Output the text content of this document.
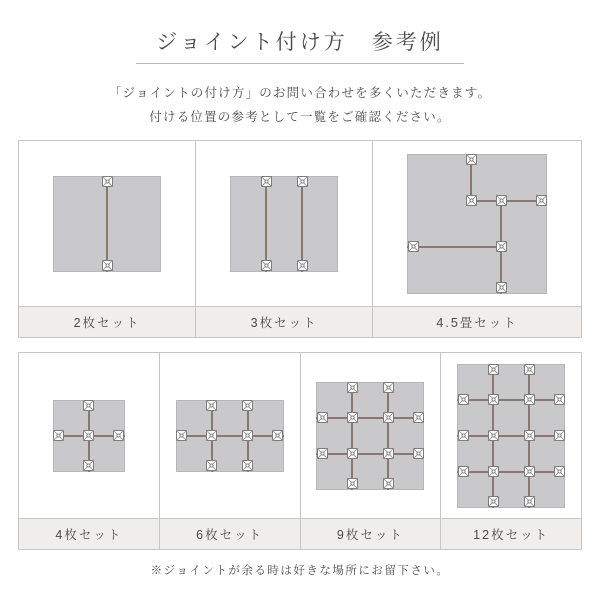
ジョイント付け方　参考例
「ジョイントの付け方」のお問い合わせを多くいただきます。
付ける位置の参考として一覧をご確認ください。
2枚セット	3枚セット	4.5畳セット
4枚セット	6枚セット	9枚セット	12枚セット
※ジョイントが余る時は好きな場所にお留下さい。
